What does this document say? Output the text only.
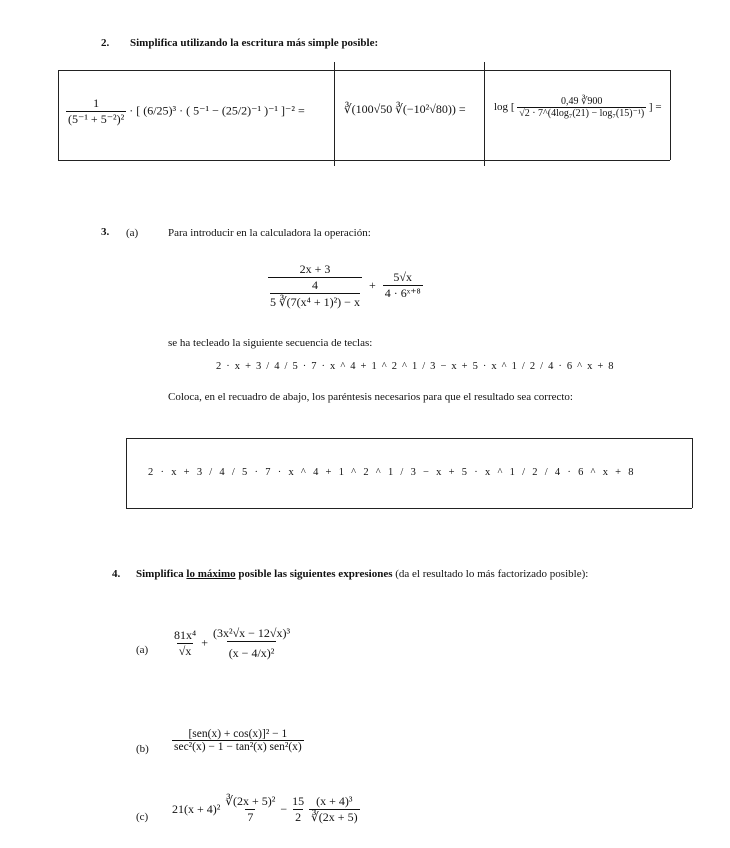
2. Simplifica utilizando la escritura más simple posible:
$\frac{1}{\text{(5⁻¹ + 5⁻²)²}}$ · [ (6/25)³ · ( 5⁻¹ − (25/2)⁻¹ )⁻¹ ]⁻² =	∛(100√50 ∛(−10²√80)) =	log [ $\frac{0,49 ∛900}{\text{√2 · 7\textasciicircum{}(4log₇(21) − log₇(15)⁻¹)}}$ ] =
3. (a)	Para introducir en la calculadora la operación:
2x + 3
4
5 ∛(7(x⁴ + $1)^2) - x + \frac{5√x}{\text{4 · 6ˣ⁺⁸}}$
se ha tecleado la siguiente secuencia de teclas:
2 · x + 3 / 4 / 5 · 7 · x ^ 4 + 1 ^ 2 ^ 1 / 3 − x + 5 · x ^ 1 / 2 / 4 · 6 ^ x + 8
Coloca, en el recuadro de abajo, los paréntesis necesarios para que el resultado sea correcto:
2 · x + 3 / 4 / 5 · 7 · x ^ 4 + 1 ^ 2 ^ 1 / 3 − x + 5 · x ^ 1 / 2 / 4 · 6 ^ x + 8
4. Simplifica lo máximo posible las siguientes expresiones (da el resultado lo más factorizado posible):
$(a) \frac{\text{81x⁴}}{√x} + \frac{\text{(3x²√x − 12√x)³}}{\text{(x − 4/x)²}}$
$(b) \frac{\text{[sen(x) + cos(x)]² − 1}}{\text{sec²(x) − 1 − tan²(x) sen²(x)}}$
(c)
$21(x + 4)^2 \frac{\text{∛(2x + 5)²}}{7} - \frac{15}{2}$
$\frac{\text{(x + 4)³}}{∛(2x + 5)}$
